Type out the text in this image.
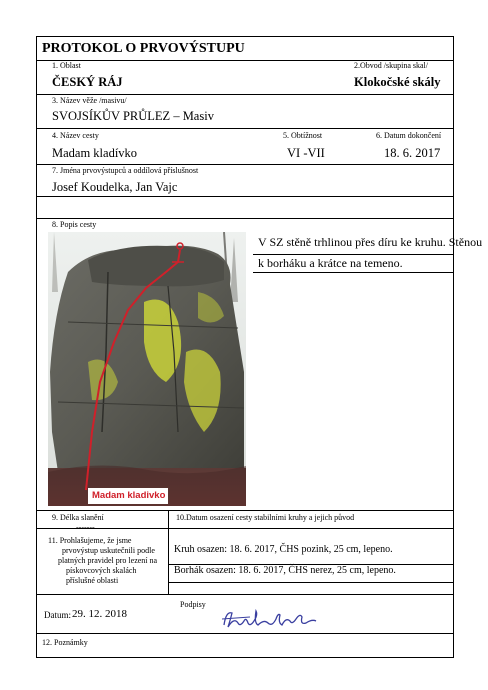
PROTOKOL O PRVOVÝSTUPU
1. Oblast
ČESKÝ RÁJ
2.Obvod /skupina skal/
Klokočské skály
3. Název věže /masivu/
SVOJSÍKŮV PRŮLEZ – Masiv
4. Název cesty
Madam kladívko
5. Obtížnost
VI -VII
6. Datum dokončení
18. 6. 2017
7. Jména prvovýstupců a oddílová příslušnost
Josef Koudelka, Jan Vajc
8. Popis cesty
V SZ stěně trhlinou přes díru ke kruhu. Stěnou
k borháku a krátce na temeno.
Madam kladivko
9. Délka slanění
-------
10.Datum osazení cesty stabilními kruhy a jejich původ
11. Prohlašujeme, že jsme
prvovýstup uskutečnili podle
platných pravidel pro lezení na
pískovcových skalách
příslušné oblasti
Kruh osazen: 18. 6. 2017, ČHS pozink, 25 cm, lepeno.
Borhák osazen: 18. 6. 2017, ČHS nerez, 25 cm, lepeno.
Datum: 29. 12. 2018
Podpisy
12. Poznámky
